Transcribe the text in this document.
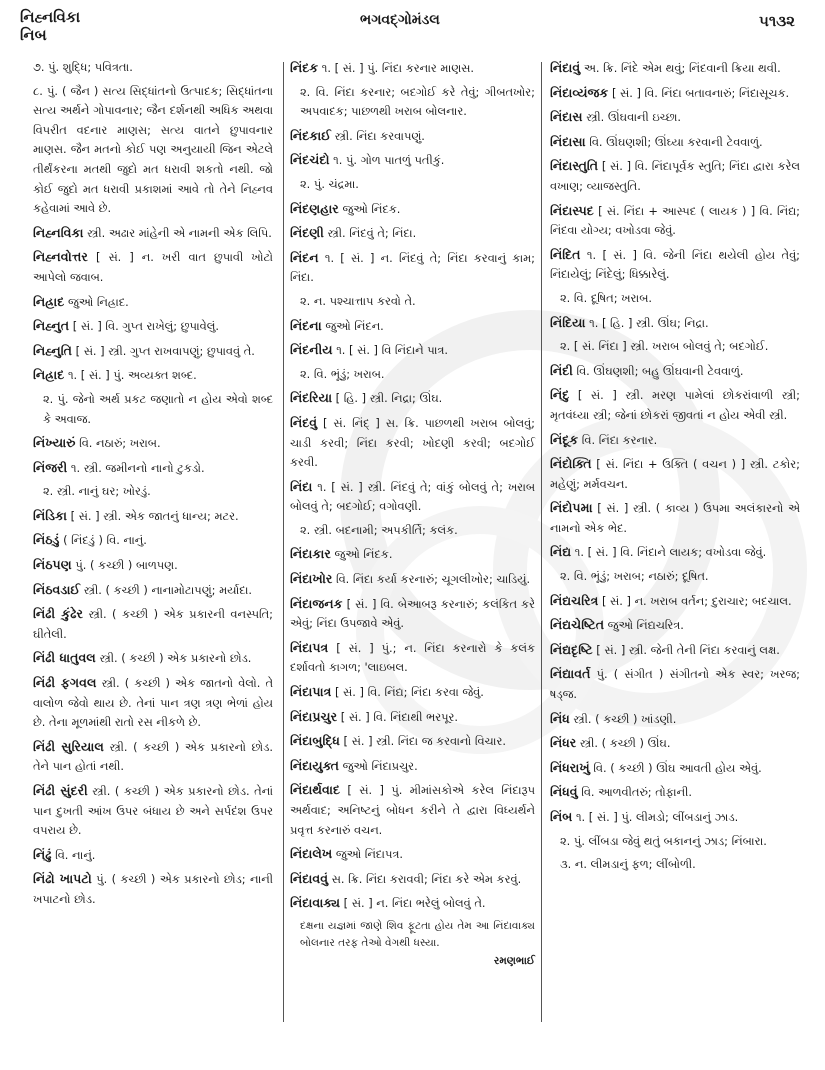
નિહ્નવિકા
નિબ
ભગવદ્ગોમંડલ	૫૧૩૨
૭. પું. શુદ્ધિ; પવિત્રતા.
૮. પું. ( જૈન ) સત્ય સિદ્ધાંતનો ઉત્પાદક; સિદ્ધાંતના સત્ય અર્થને ગોપાવનાર; જૈન દર્શનથી અધિક અથવા વિપરીત વદનાર માણસ; સત્ય વાતને છુપાવનાર માણસ. જૈન મતનો કોઈ પણ અનુયાયી જિન એટલે તીર્થંકરના મતથી જુદો મત ધરાવી શકતો નથી. જો કોઈ જુદો મત ધરાવી પ્રકાશમાં આવે તો તેને નિહ્નવ કહેવામાં આવે છે.
નિહ્નવિકા સ્ત્રી. અઢાર માંહેની એ નામની એક લિપિ.
નિહ્નવોત્તર [ સં. ] ન. ખરી વાત છુપાવી ખોટો આપેલો જવાબ.
નિહ્રાદ જુઓ નિહ્રાદ.
નિહ્નુત [ સં. ] વિ. ગુપ્ત રાખેલું; છુપાવેલું.
નિહ્નુતિ [ સં. ] સ્ત્રી. ગુપ્ત રાખવાપણું; છુપાવવું તે.
નિહ્રાદ ૧. [ સં. ] પું. અવ્યક્ત શબ્દ.
૨. પું. જેનો અર્થ પ્રકટ જણાતો ન હોય એવો શબ્દ કે અવાજ.
નિંખ્યારું વિ. નઠારું; ખરાબ.
નિંજરી ૧. સ્ત્રી. જમીનનો નાનો ટુકડો.
૨. સ્ત્રી. નાનું ઘર; ખોરડું.
નિંડિકા [ સં. ] સ્ત્રી. એક જાતનું ધાન્ય; મટર.
નિંઠડું ( નિંદડું ) વિ. નાનું.
નિંઠપણ પું. ( કચ્છી ) બાળપણ.
નિંઠવડાઈ સ્ત્રી. ( કચ્છી ) નાનામોટાપણું; મર્યાદા.
નિંઢી કુંઢેર સ્ત્રી. ( કચ્છી ) એક પ્રકારની વનસ્પતિ; ઘીતેલી.
નિંઢી ધાતુવલ સ્ત્રી. ( કચ્છી ) એક પ્રકારનો છોડ.
નિંઢી ફગવલ સ્ત્રી. ( કચ્છી ) એક જાતનો વેલો. તે વાલોળ જેવો થાય છે. તેનાં પાન ત્રણ ત્રણ ભેળાં હોય છે. તેના મૂળમાંથી રાતો રસ નીકળે છે.
નિંઢી સુરિયાલ સ્ત્રી. ( કચ્છી ) એક પ્રકારનો છોડ. તેને પાન હોતાં નથી.
નિંઢી સુંદરી સ્ત્રી. ( કચ્છી ) એક પ્રકારનો છોડ. તેનાં પાન દુખતી આંખ ઉપર બંધાય છે અને સર્પદંશ ઉપર વપરાય છે.
નિંઢું વિ. નાનું.
નિંઢો ખાપટો પું. ( કચ્છી ) એક પ્રકારનો છોડ; નાની ખપાટનો છોડ.
નિંદક ૧. [ સં. ] પું. નિંદા કરનાર માણસ.
૨. વિ. નિંદા કરનાર; બદગોઈ કરે તેવું; ગીબતખોર; અપવાદક; પાછળથી ખરાબ બોલનાર.
નિંદકાઈ સ્ત્રી. નિંદા કરવાપણું.
નિંદચંદો ૧. પું. ગોળ પાતળું પતીકું.
૨. પું. ચંદ્રમા.
નિંદણહાર જુઓ નિંદક.
નિંદણી સ્ત્રી. નિંદવું તે; નિંદા.
નિંદન ૧. [ સં. ] ન. નિંદવું તે; નિંદા કરવાનું કામ; નિંદા.
૨. ન. પશ્ચાત્તાપ કરવો તે.
નિંદના જુઓ નિંદન.
નિંદનીય ૧. [ સં. ] વિ નિંદાને પાત્ર.
૨. વિ. ભૂંડું; ખરાબ.
નિંદરિયા [ હિ. ] સ્ત્રી. નિદ્રા; ઊંઘ.
નિંદવું [ સં. નિંદ્ ] સ. ક્રિ. પાછળથી ખરાબ બોલવું; ચાડી કરવી; નિંદા કરવી; ખોદણી કરવી; બદગોઈ કરવી.
નિંદા ૧. [ સં. ] સ્ત્રી. નિંદવું તે; વાંકું બોલવું તે; ખરાબ બોલવું તે; બદગોઈ; વગોવણી.
૨. સ્ત્રી. બદનામી; અપકીર્તિ; કલંક.
નિંદાકાર જુઓ નિંદક.
નિંદાખોર વિ. નિંદા કર્યા કરનારું; ચૂગલીખોર; ચાડિયું.
નિંદાજનક [ સં. ] વિ. બેઆબરૂ કરનારું; કલંકિત કરે એવું; નિંદા ઉપજાવે એવું.
નિંદાપત્ર [ સં. ] પું.; ન. નિંદા કરનારો કે કલંક દર્શાવતો કાગળ; 'લાઇબલ.
નિંદાપાત્ર [ સં. ] વિ. નિંદ્ય; નિંદા કરવા જેવું.
નિંદાપ્રચુર [ સં. ] વિ. નિંદાથી ભરપૂર.
નિંદાબુદ્ધિ [ સં. ] સ્ત્રી. નિંદા જ કરવાનો વિચાર.
નિંદાયુક્ત જુઓ નિંદાપ્રચુર.
નિંદાર્થવાદ [ સં. ] પું. મીમાંસકોએ કરેલ નિંદારૂપ અર્થવાદ; અનિષ્ટનું બોધન કરીને તે દ્વારા વિધ્યર્થને પ્રવૃત્ત કરનારું વચન.
નિંદાલેખ જુઓ નિંદાપત્ર.
નિંદાવવું સ. ક્રિ. નિંદા કરાવવી; નિંદા કરે એમ કરવું.
નિંદાવાક્ય [ સં. ] ન. નિંદા ભરેલું બોલવું તે.
દક્ષના યજ્ઞમાં જાણે શિવ ફૂટતા હોય તેમ આ નિંદાવાક્ય બોલનાર તરફ તેઓ વેગથી ધસ્યા.
રમણભાઈ
નિંદાવું અ. ક્રિ. નિંદે એમ થવું; નિંદવાની ક્રિયા થવી.
નિંદાવ્યંજક [ સં. ] વિ. નિંદા બતાવનારું; નિંદાસૂચક.
નિંદાસ સ્ત્રી. ઊંઘવાની ઇચ્છા.
નિંદાસા વિ. ઊંઘણશી; ઊંઘ્યા કરવાની ટેવવાળું.
નિંદાસ્તુતિ [ સં. ] વિ. નિંદાપૂર્વક સ્તુતિ; નિંદા દ્વારા કરેલ વખાણ; વ્યાજસ્તુતિ.
નિંદાસ્પદ [ સં. નિંદા + આસ્પદ ( લાયક ) ] વિ. નિંદ્ય; નિંદવા યોગ્ય; વખોડવા જેવું.
નિંદિત ૧. [ સં. ] વિ. જેની નિંદા થયેલી હોય તેવું; નિંદાયેલું; નિંદેલું; ધિક્કારેલું.
૨. વિ. દૂષિત; ખરાબ.
નિંદિયા ૧. [ હિ. ] સ્ત્રી. ઊંઘ; નિદ્રા.
૨. [ સં. નિંદા ] સ્ત્રી. ખરાબ બોલવું તે; બદગોઈ.
નિંદી વિ. ઊંઘણશી; બહુ ઊંઘવાની ટેવવાળું.
નિંદુ [ સં. ] સ્ત્રી. મરણ પામેલાં છોકરાંવાળી સ્ત્રી; મૃતવંધ્યા સ્ત્રી; જેનાં છોકરાં જીવતાં ન હોય એવી સ્ત્રી.
નિંદૂક વિ. નિંદા કરનાર.
નિંદોક્તિ [ સં. નિંદા + ઉક્તિ ( વચન ) ] સ્ત્રી. ટકોર; મહેણું; મર્મવચન.
નિંદોપમા [ સં. ] સ્ત્રી. ( કાવ્ય ) ઉપમા અલંકારનો એ નામનો એક ભેદ.
નિંદ્ય ૧. [ સં. ] વિ. નિંદાને લાયક; વખોડવા જેવું.
૨. વિ. ભૂંડું; ખરાબ; નઠારું; દૂષિત.
નિંદ્યચરિત્ર [ સં. ] ન. ખરાબ વર્તન; દુરાચાર; બદચાલ.
નિંદ્યચેષ્ટિત જુઓ નિંદ્યચરિત્ર.
નિંદ્યદૃષ્ટિ [ સં. ] સ્ત્રી. જેની તેની નિંદા કરવાનું લક્ષ.
નિંદ્યાવર્ત પું. ( સંગીત ) સંગીતનો એક સ્વર; ખરજ; ષડ્જ.
નિંધ સ્ત્રી. ( કચ્છી ) ખાંડણી.
નિંધર સ્ત્રી. ( કચ્છી ) ઊંઘ.
નિંધરાખું વિ. ( કચ્છી ) ઊંઘ આવતી હોય એવું.
નિંધવું વિ. આળવીતરું; તોફાની.
નિંબ ૧. [ સં. ] પું. લીમડો; લીંબડાનું ઝાડ.
૨. પું. લીંબડા જેવું થતું બકાનનું ઝાડ; નિંબારા.
૩. ન. લીમડાનું ફળ; લીંબોળી.
